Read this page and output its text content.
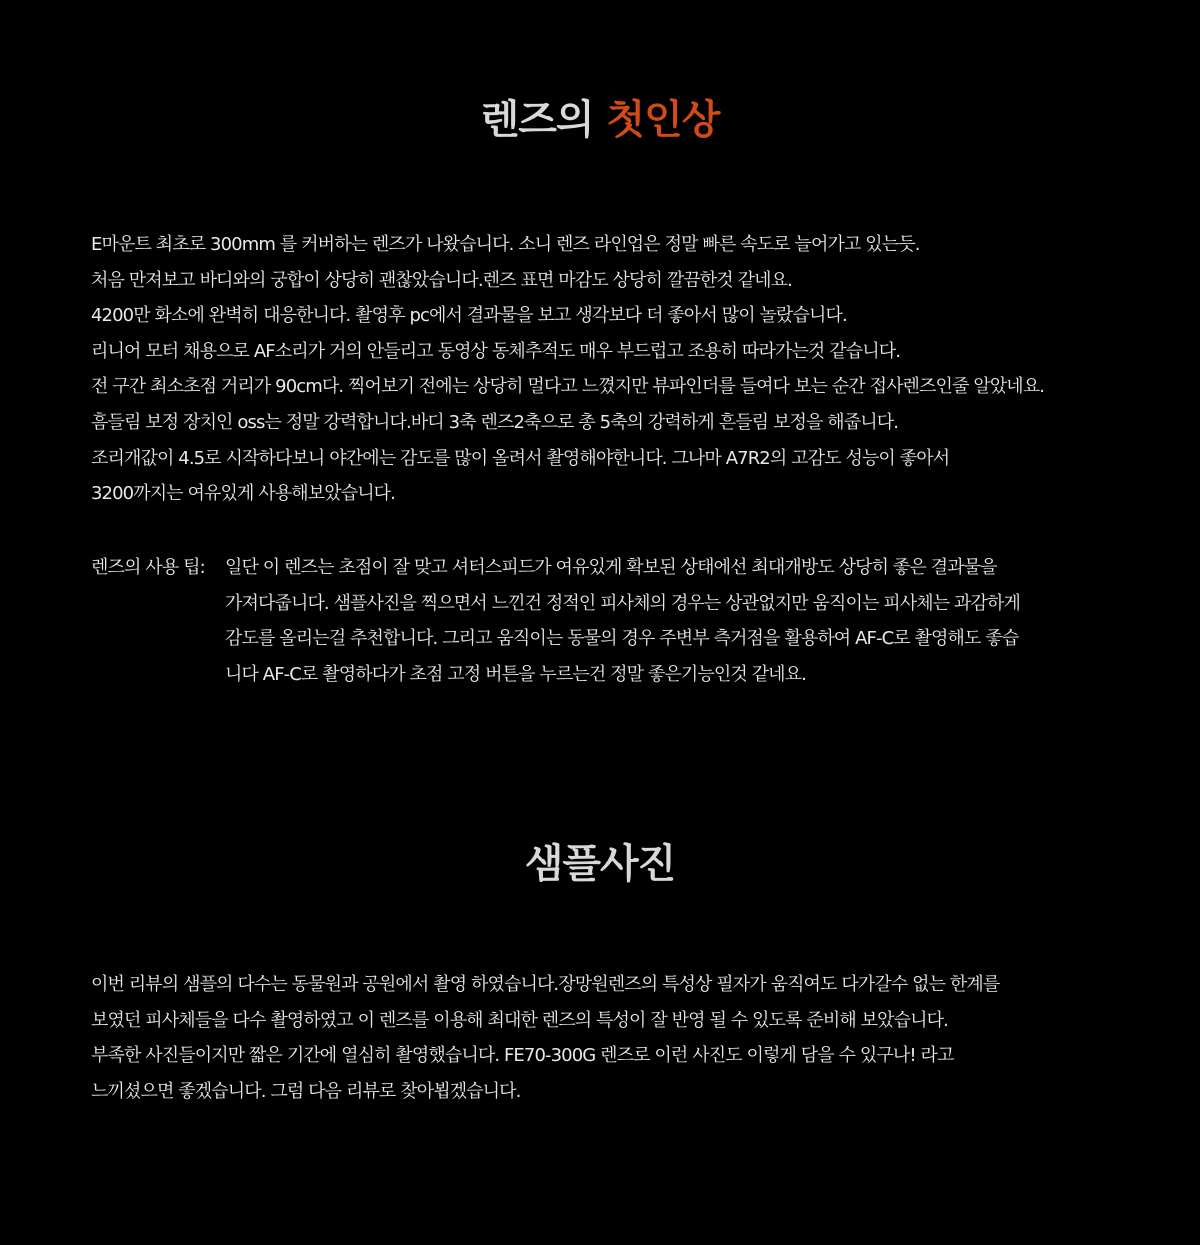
렌즈의 첫인상
E마운트 최초로 300mm 를 커버하는 렌즈가 나왔습니다. 소니 렌즈 라인업은 정말 빠른 속도로 늘어가고 있는듯.
처음 만져보고 바디와의 궁합이 상당히 괜찮았습니다.렌즈 표면 마감도 상당히 깔끔한것 같네요.
4200만 화소에 완벽히 대응한니다. 촬영후 pc에서 결과물을 보고 생각보다 더 좋아서 많이 놀랐습니다.
리니어 모터 채용으로 AF소리가 거의 안들리고 동영상 동체추적도 매우 부드럽고 조용히 따라가는것 같습니다.
전 구간 최소초점 거리가 90cm다. 찍어보기 전에는 상당히 멀다고 느꼈지만 뷰파인더를 들여다 보는 순간 접사렌즈인줄 알았네요.
흠들림 보정 장치인 oss는 정말 강력합니다.바디 3축 렌즈2축으로 총 5축의 강력하게 흔들림 보정을 해줍니다.
조리개값이 4.5로 시작하다보니 야간에는 감도를 많이 올려서 촬영해야한니다. 그나마 A7R2의 고감도 성능이 좋아서
3200까지는 여유있게 사용해보았습니다.
렌즈의 사용 팁: 일단 이 렌즈는 초점이 잘 맞고 셔터스피드가 여유있게 확보된 상태에선 최대개방도 상당히 좋은 결과물을
가져다줍니다. 샘플사진을 찍으면서 느낀건 정적인 피사체의 경우는 상관없지만 움직이는 피사체는 과감하게
감도를 올리는걸 추천합니다. 그리고 움직이는 동물의 경우 주변부 측거점을 활용하여 AF-C로 촬영해도 좋습
니다 AF-C로 촬영하다가 초점 고정 버튼을 누르는건 정말 좋은기능인것 같네요.
샘플사진
이번 리뷰의 샘플의 다수는 동물원과 공원에서 촬영 하였습니다.장망원렌즈의 특성상 필자가 움직여도 다가갈수 없는 한계를
보였던 피사체들을 다수 촬영하였고 이 렌즈를 이용해 최대한 렌즈의 특성이 잘 반영 될 수 있도록 준비해 보았습니다.
부족한 사진들이지만 짧은 기간에 열심히 촬영했습니다. FE70-300G 렌즈로 이런 사진도 이렇게 담을 수 있구나! 라고
느끼셨으면 좋겠습니다. 그럼 다음 리뷰로 찾아뵙겠습니다.
